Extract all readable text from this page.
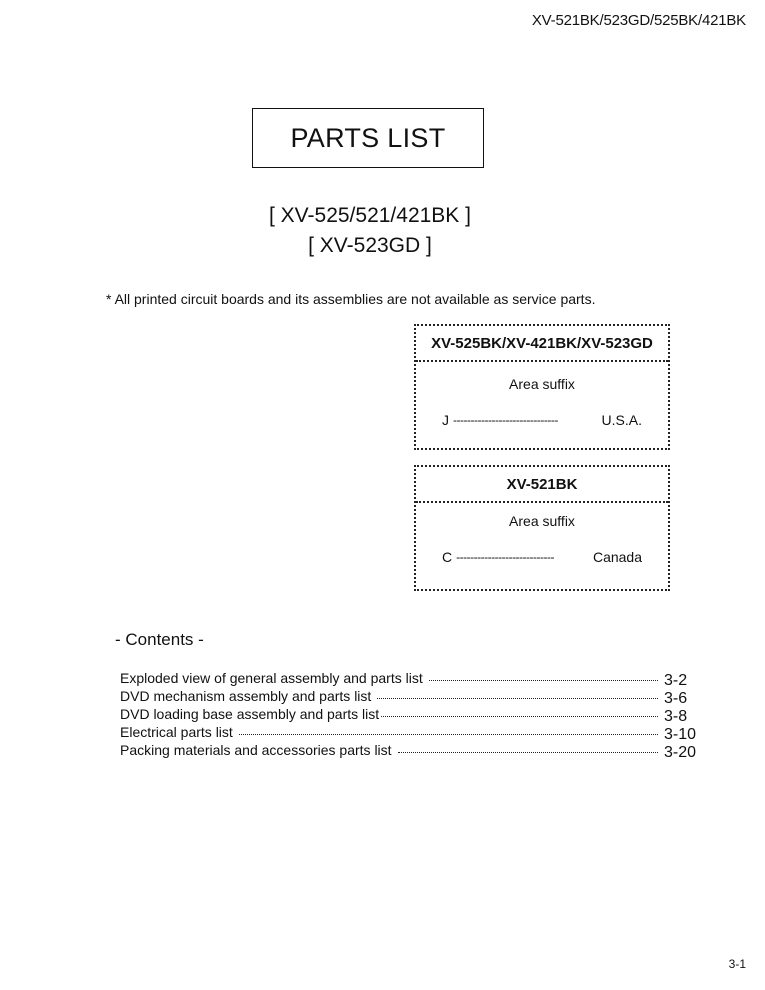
XV-521BK/523GD/525BK/421BK
PARTS LIST
[ XV-525/521/421BK ]
[ XV-523GD ]
* All printed circuit boards and its assemblies are not available as service parts.
XV-525BK/XV-421BK/XV-523GD
Area suffix
J ------------------------------	U.S.A.
XV-521BK
Area suffix
C ----------------------------	Canada
- Contents -
Exploded view of general assembly and parts list	3-2
DVD mechanism assembly and parts list	3-6
DVD loading base assembly and parts list	3-8
Electrical parts list	3-10
Packing materials and accessories parts list	3-20
3-1
